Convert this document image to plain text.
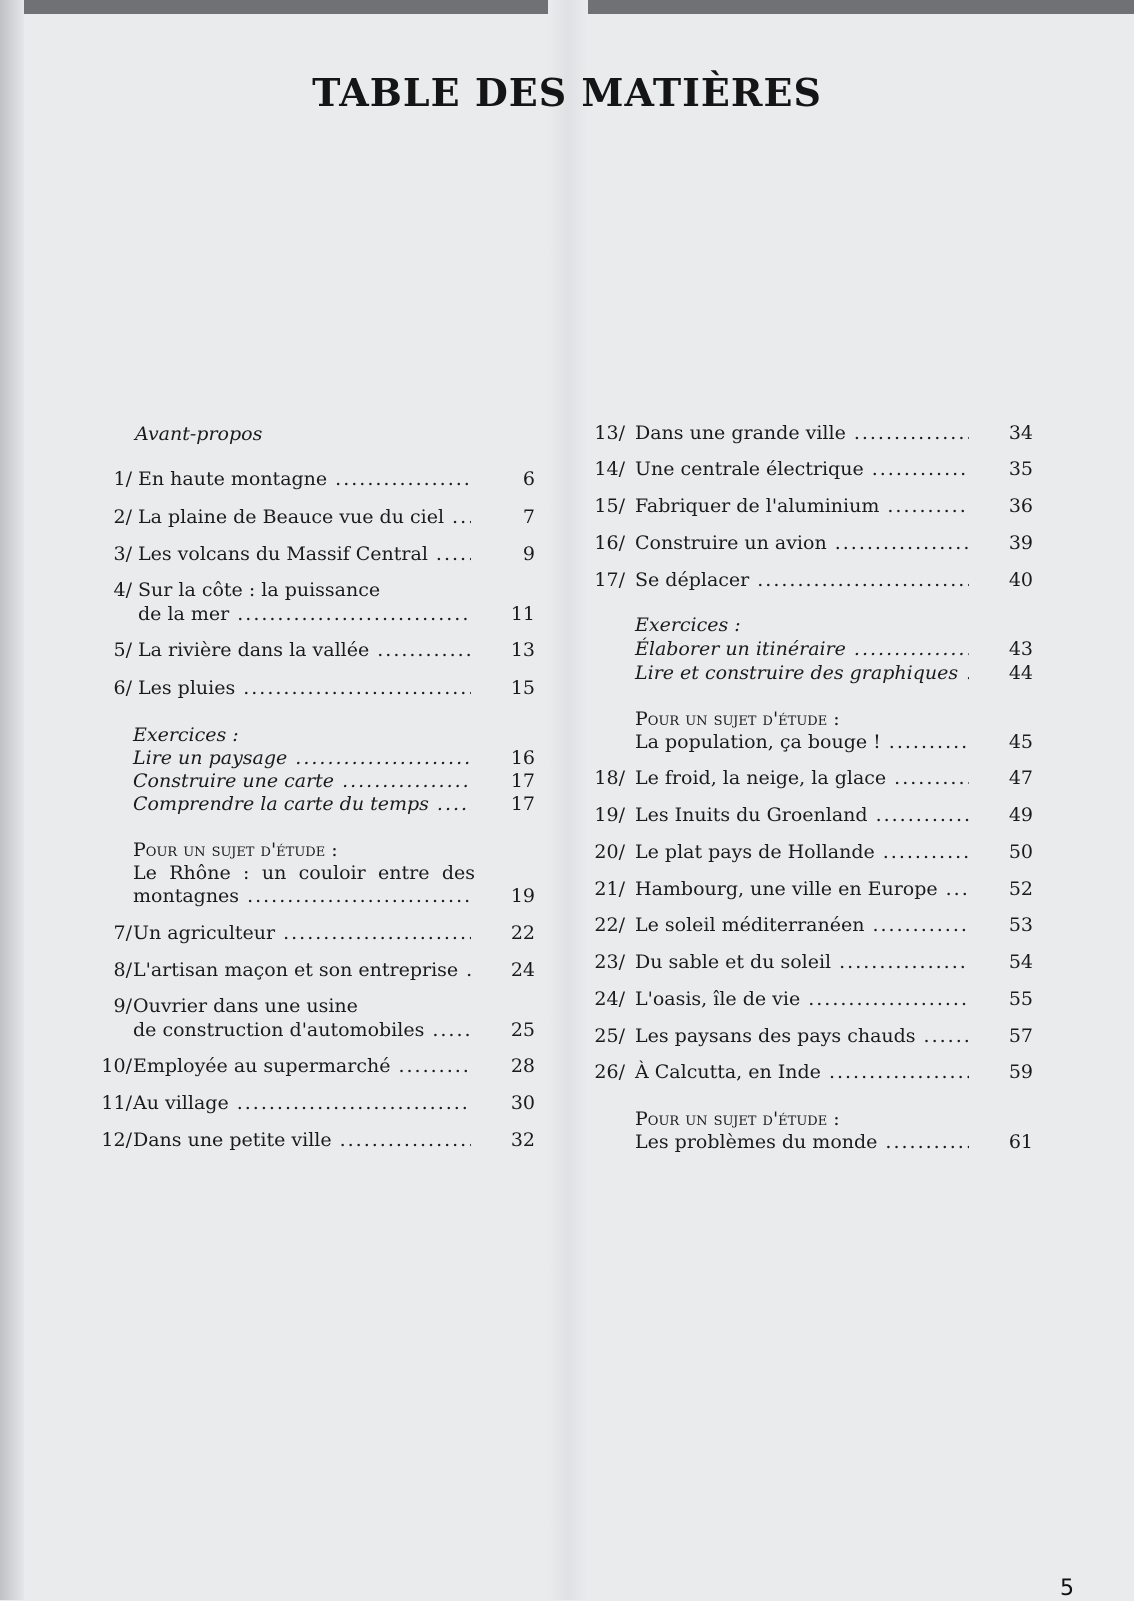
TABLE DES MATIÈRES
Avant-propos
1/ En haute montagne .....	6
2/ La plaine de Beauce vue du ciel .....	7
3/ Les volcans du Massif Central .....	9
4/ Sur la côte : la puissance
de la mer .....	11
5/ La rivière dans la vallée .....	13
6/ Les pluies .....	15
Exercices :
Lire un paysage .....	16
Construire une carte .....	17
Comprendre la carte du temps .....	17
Pour un sujet d'étude :
Le Rhône : un couloir entre des
montagnes .....	19
7/ Un agriculteur .....	22
8/ L'artisan maçon et son entreprise .....	24
9/ Ouvrier dans une usine
de construction d'automobiles .....	25
10/ Employée au supermarché .....	28
11/ Au village .....	30
12/ Dans une petite ville .....	32
13/ Dans une grande ville .....	34
14/ Une centrale électrique .....	35
15/ Fabriquer de l'aluminium .....	36
16/ Construire un avion .....	39
17/ Se déplacer .....	40
Exercices :
Élaborer un itinéraire .....	43
Lire et construire des graphiques .....	44
Pour un sujet d'étude :
La population, ça bouge ! .....	45
18/ Le froid, la neige, la glace .....	47
19/ Les Inuits du Groenland .....	49
20/ Le plat pays de Hollande .....	50
21/ Hambourg, une ville en Europe .....	52
22/ Le soleil méditerranéen .....	53
23/ Du sable et du soleil .....	54
24/ L'oasis, île de vie .....	55
25/ Les paysans des pays chauds .....	57
26/ À Calcutta, en Inde .....	59
Pour un sujet d'étude :
Les problèmes du monde .....	61
5
